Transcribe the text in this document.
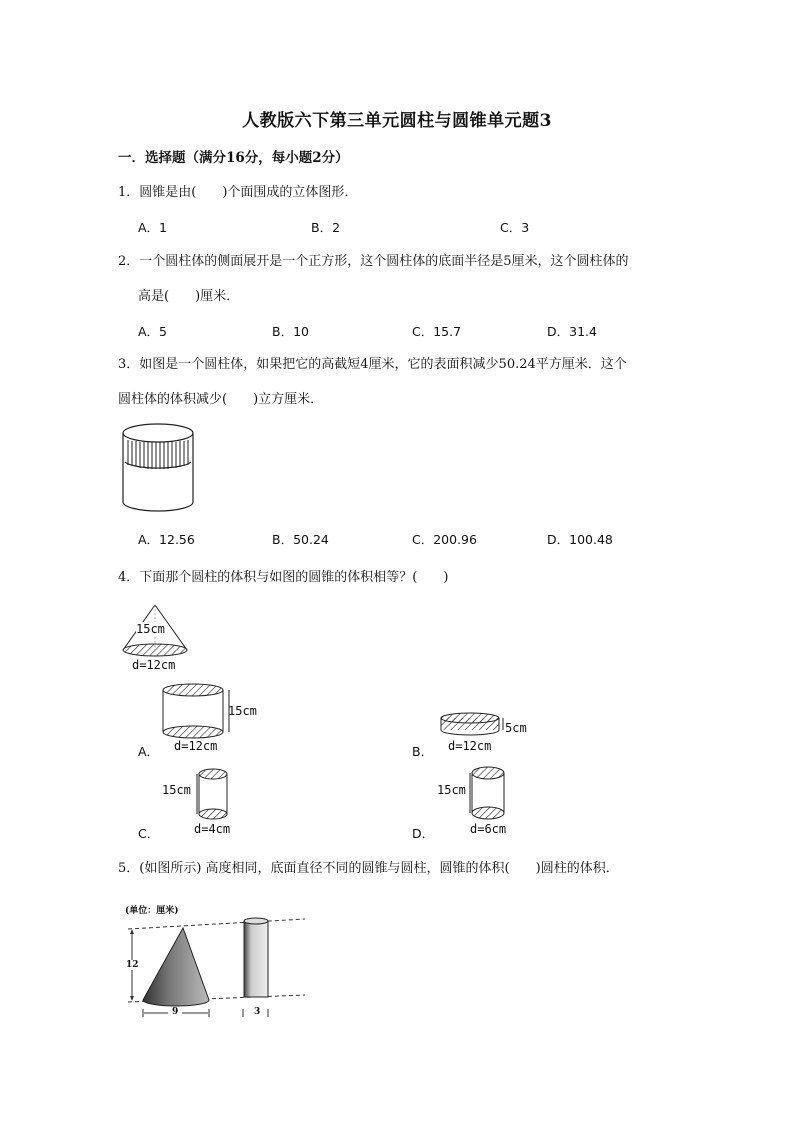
人教版六下第三单元圆柱与圆锥单元题3
一．选择题（满分16分，每小题2分）
1．圆锥是由(　　)个面围成的立体图形．
A．1	B．2	C．3
2．一个圆柱体的侧面展开是一个正方形，这个圆柱体的底面半径是5厘米，这个圆柱体的
高是(　　)厘米．
A．5	B．10	C．15.7	D．31.4
3．如图是一个圆柱体，如果把它的高截短4厘米，它的表面积减少50.24平方厘米．这个
圆柱体的体积减少(　　)立方厘米．
A．12.56	B．50.24	C．200.96	D．100.48
4．下面那个圆柱的体积与如图的圆锥的体积相等？(　　)
15cm
d=12cm
15cm
d=12cm
A．
5cm
d=12cm
B．
15cm
d=4cm
C．
15cm
d=6cm
D．
5．(如图所示) 高度相同，底面直径不同的圆锥与圆柱，圆锥的体积(　　)圆柱的体积．
(单位：厘米)
12
9	3
